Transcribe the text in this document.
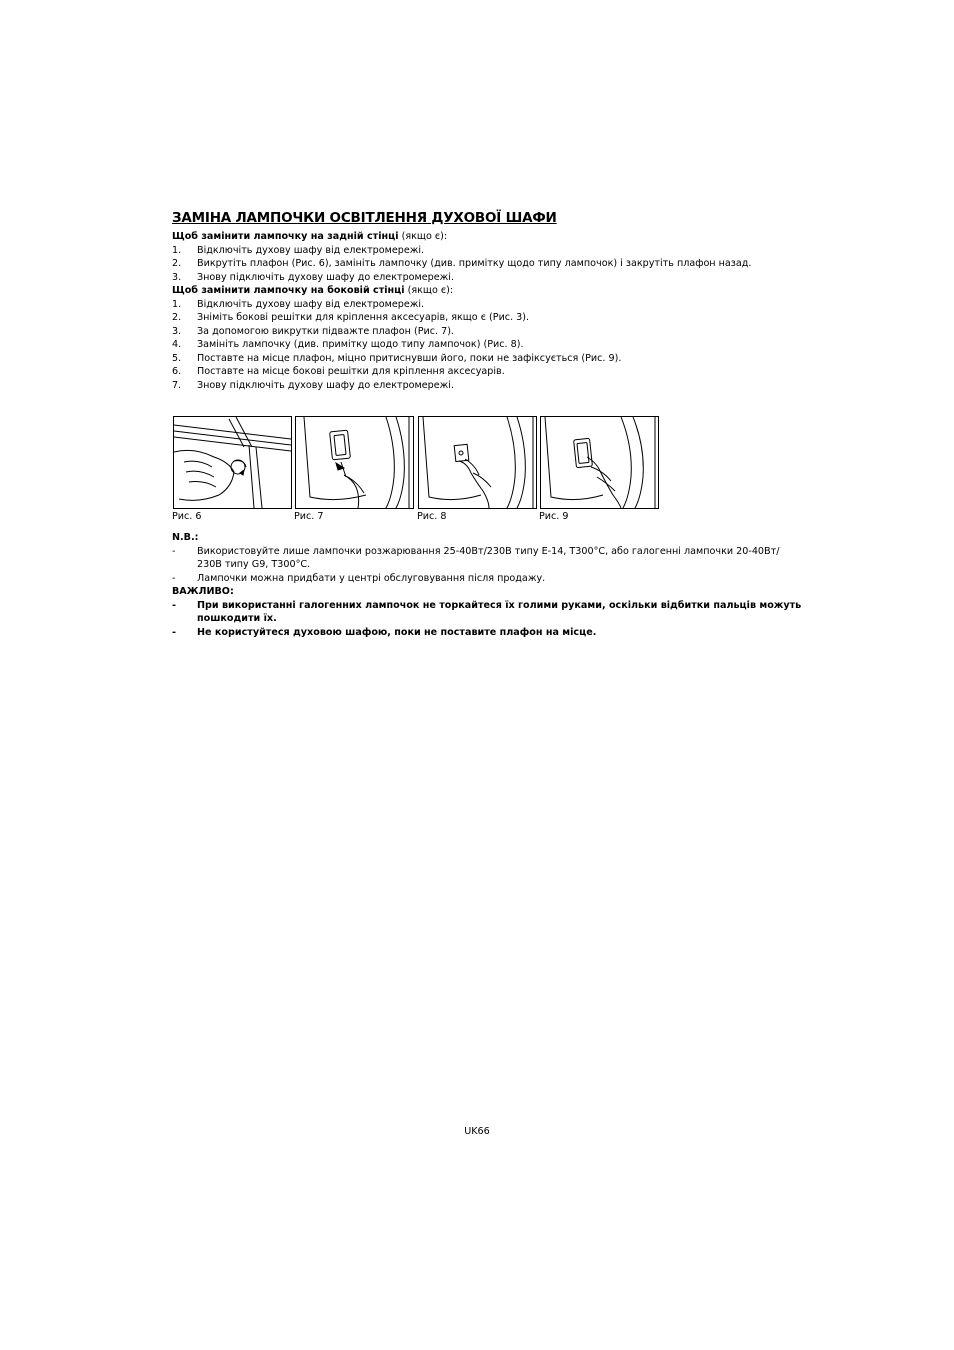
ЗАМІНА ЛАМПОЧКИ ОСВІТЛЕННЯ ДУХОВОЇ ШАФИ
Щоб замінити лампочку на задній стінці (якщо є):
1. Відключіть духову шафу від електромережі.
2. Викрутіть плафон (Рис. 6), замініть лампочку (див. примітку щодо типу лампочок) і закрутіть плафон назад.
3. Знову підключіть духову шафу до електромережі.
Щоб замінити лампочку на боковій стінці (якщо є):
1. Відключіть духову шафу від електромережі.
2. Зніміть бокові решітки для кріплення аксесуарів, якщо є (Рис. 3).
3. За допомогою викрутки підважте плафон (Рис. 7).
4. Замініть лампочку (див. примітку щодо типу лампочок) (Рис. 8).
5. Поставте на місце плафон, міцно притиснувши його, поки не зафіксується (Рис. 9).
6. Поставте на місце бокові решітки для кріплення аксесуарів.
7. Знову підключіть духову шафу до електромережі.
Рис. 6	Рис. 7	Рис. 8	Рис. 9
N.B.:
- Використовуйте лише лампочки розжарювання 25-40Вт/230В типу E-14, T300°C, або галогенні лампочки 20-40Вт/
230В типу G9, T300°C.
- Лампочки можна придбати у центрі обслуговування після продажу.
ВАЖЛИВО:
- При використанні галогенних лампочок не торкайтеся їх голими руками, оскільки відбитки пальців можуть
пошкодити їх.
- Не користуйтеся духовою шафою, поки не поставите плафон на місце.
UK66
